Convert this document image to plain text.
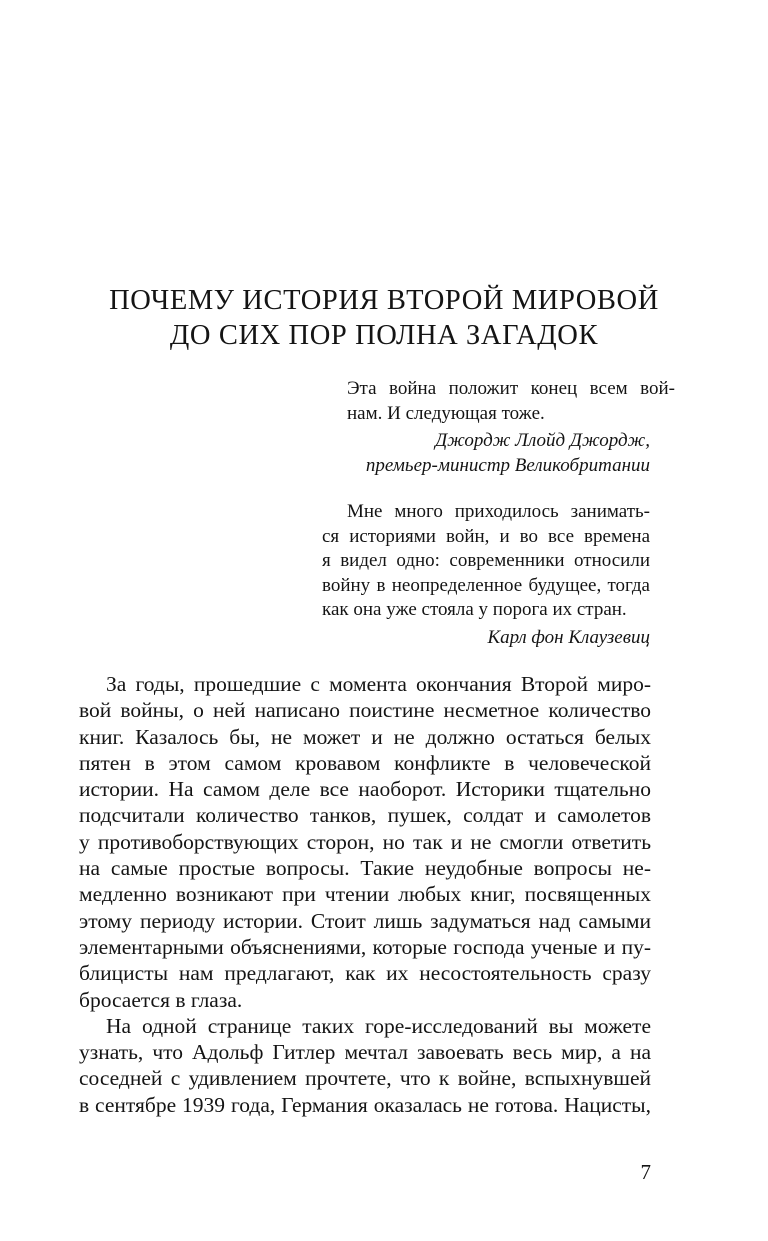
ПОЧЕМУ ИСТОРИЯ ВТОРОЙ МИРОВОЙ
ДО СИХ ПОР ПОЛНА ЗАГАДОК

Эта война положит конец всем вой-
нам. И следующая тоже.

Джордж Ллойд Джордж,
премьер-министр Великобритании

Мне много приходилось занимать-
ся историями войн, и во все времена
я видел одно: современники относили
войну в неопределенное будущее, тогда
как она уже стояла у порога их стран.

Карл фон Клаузевиц

За годы, прошедшие с момента окончания Второй миро-
вой войны, о ней написано поистине несметное количество
книг. Казалось бы, не может и не должно остаться белых
пятен в этом самом кровавом конфликте в человеческой
истории. На самом деле все наоборот. Историки тщательно
подсчитали количество танков, пушек, солдат и самолетов
у противоборствующих сторон, но так и не смогли ответить
на самые простые вопросы. Такие неудобные вопросы не-
медленно возникают при чтении любых книг, посвященных
этому периоду истории. Стоит лишь задуматься над самыми
элементарными объяснениями, которые господа ученые и пу-
блицисты нам предлагают, как их несостоятельность сразу
бросается в глаза.

На одной странице таких горе-исследований вы можете
узнать, что Адольф Гитлер мечтал завоевать весь мир, а на
соседней с удивлением прочтете, что к войне, вспыхнувшей
в сентябре 1939 года, Германия оказалась не готова. Нацисты,

7
